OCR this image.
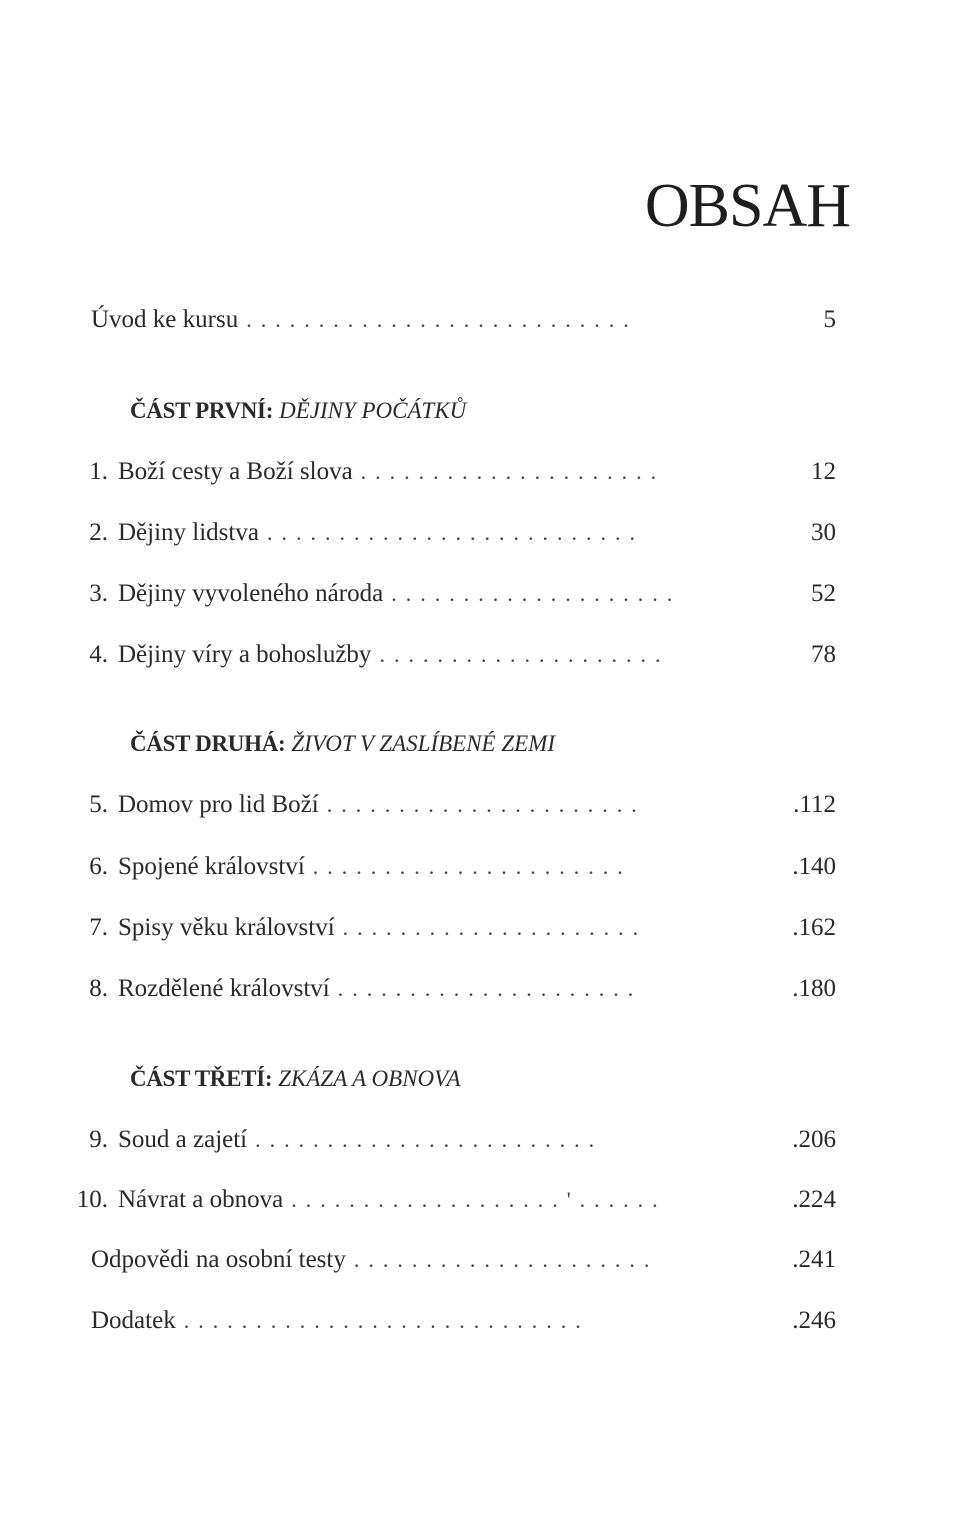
OBSAH
Úvod ke kursu ...........................	5
ČÁST PRVNÍ: DĚJINY POČÁTKŮ
1. Boží cesty a Boží slova .....................	12
2. Dějiny lidstva ..........................	30
3. Dějiny vyvoleného národa ....................	52
4. Dějiny víry a bohoslužby ....................	78
ČÁST DRUHÁ: ŽIVOT V ZASLÍBENÉ ZEMI
5. Domov pro lid Boží ......................	.112
6. Spojené království ......................	.140
7. Spisy věku království .....................	.162
8. Rozdělené království .....................	.180
ČÁST TŘETÍ: ZKÁZA A OBNOVA
9. Soud a zajetí ........................	.206
10. Návrat a obnova ...................'......	.224
Odpovědi na osobní testy .....................	.241
Dodatek ............................	.246
